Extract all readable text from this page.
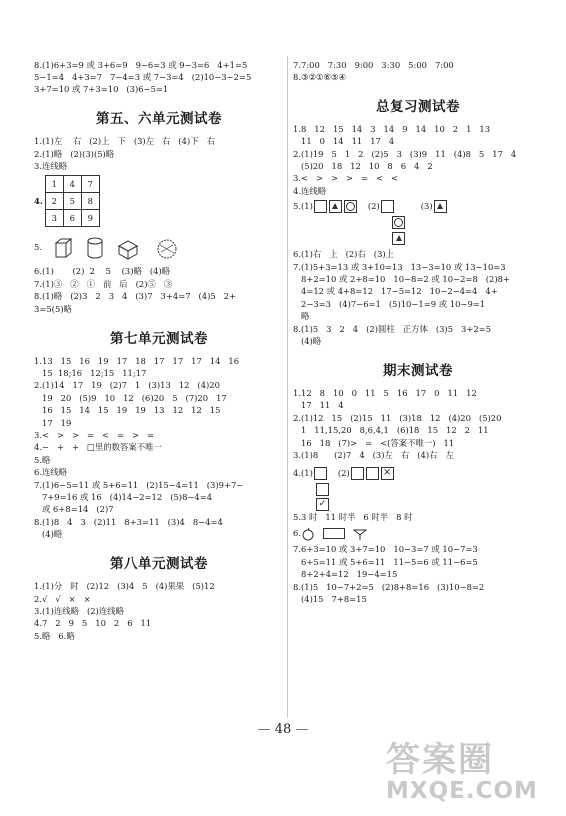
8.(1)6+3=9 或 3+6=9   9−6=3 或 9−3=6   4+1=5
5−1=4   4+3=7   7−4=3 或 7−3=4   (2)10−3−2=5
3+7=10 或 7+3=10   (3)6−5=1
第五、六单元测试卷
1.(1)左    右   (2)上   下   (3)左   右   (4)下   右
2.(1)略   (2)(3)(5)略
3.连线略
4.
1	4	7
2	5	8
3	6	9
5.
6.(1)       (2)  2    5    (3)略   (4)略
7.(1)③   ②   ①   前   后   (2)⑤   ③
8.(1)略   (2)3   2   3   4   (3)7   3+4=7   (4)5   2+
3=5(5)略
第七单元测试卷
1.13   15   16   19   17   18   17   17   17   14   16
15  18;16   12;15   11;17
2.(1)14   17   19   (2)7   1   (3)13   12   (4)20
19   20   (5)9   10   12   (6)20   5   (7)20   17
16   15   14   15   19   19   13   12   12   15
17   19
3.<   >   >   =   <   =   >   =
4.−   +   +   □里的数答案不唯一
5.略
6.连线略
7.(1)6−5=11 或 5+6=11   (2)15−4=11   (3)9+7−
7+9=16 或 16   (4)14−2=12   (5)8−4=4
或 6+8=14   (2)7
8.(1)8   4   3   (2)11   8+3=11   (3)4   8−4=4
(4)略
第八单元测试卷
1.(1)分   时   (2)12   (3)4   5   (4)果果   (5)12
2.√   √   ×   ×
3.(1)连线略   (2)连线略
4.7   2   9   5   10   2   6   11
5.略   6.略
7.7:00   7:30   9:00   3:30   5:00   7:00
8.③②①⑥⑤④
总复习测试卷
1.8   12   15   14   3   14   9   14   10   2   1   13
11   0   14   11   17   4
2.(1)19   5   1   2   (2)5   3   (3)9   11   (4)8   5   17   4
(5)20   18   12   10   8   6   4   2
3.<   >   >   >   =   <   <
4.连线略
5.(1)	(2)	(3)
6.(1)右   上   (2)右   (3)上
7.(1)5+3=13 或 3+10=13   13−3=10 或 13−10=3
8+2=10 或 2+8=10   10−8=2 或 10−2=8   (2)8+
4=12 或 4+8=12   17−5=12   10−2−4=4   4+
2−3=3   (4)7−6=1   (5)10−1=9 或 10−9=1
略
8.(1)5   3   2   4   (2)圆柱   正方体   (3)5   3+2=5
(4)略
期末测试卷
1.12   8   10   0   11   5   16   17   0   11   12
17   11   4
2.(1)12   15   (2)15   11   (3)18   12   (4)20   (5)20
1   11,15,20   8,6,4,1   (6)18   15   12   2   11
16   18   (7)>   =   <(答案不唯一)   11
3.(1)8      (2)7   4   (3)左   右   (4)右   左
4.(1)	(2)	×
✓
5.3 时   11 时半   6 时半   8 时
6.
7.6+3=10 或 3+7=10   10−3=7 或 10−7=3
6+5=11 或 5+6=11   11−5=6 或 11−6=5
8+2+4=12   19−4=15
8.(1)5   10−7+2=5   (2)8+8=16   (3)10−8=2
(4)15   7+8=15
— 48 —
答案圈
MXQE.COM
